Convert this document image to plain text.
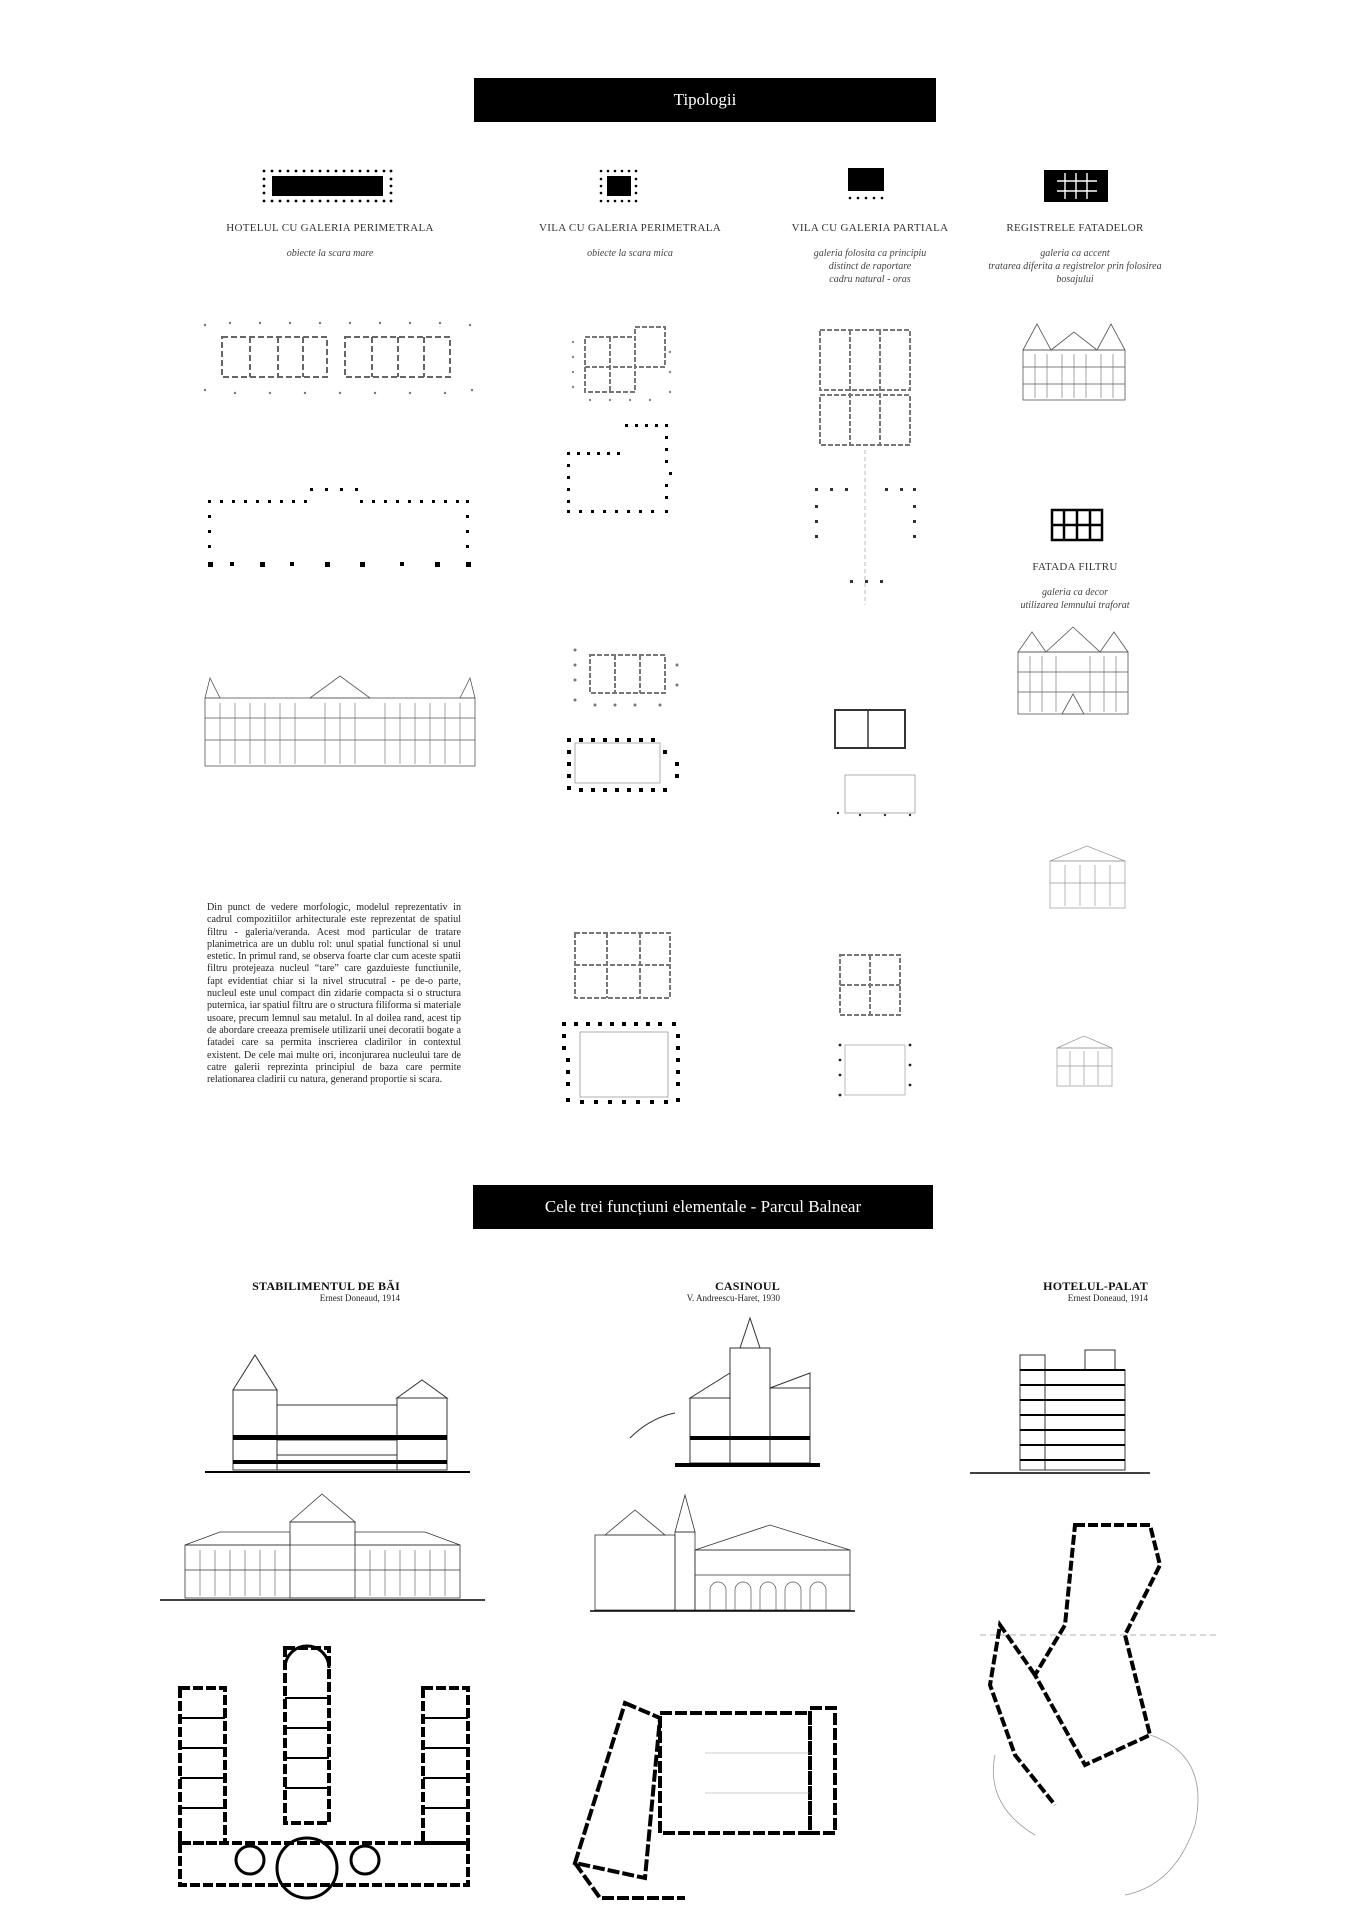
Tipologii
HOTELUL CU GALERIA PERIMETRALA
obiecte la scara mare
VILA CU GALERIA PERIMETRALA
obiecte la scara mica
VILA CU GALERIA PARTIALA
galeria folosita ca principiu
distinct de raportare
cadru natural - oras
REGISTRELE FATADELOR
galeria ca accent
tratarea diferita a registrelor prin folosirea
bosajului
Din punct de vedere morfologic, modelul reprezentativ in cadrul compozitiilor arhitecturale este reprezentat de spatiul filtru - galeria/veranda. Acest mod particular de tratare planimetrica are un dublu rol: unul spatial functional si unul estetic. In primul rand, se observa foarte clar cum aceste spatii filtru protejeaza nucleul “tare” care gazduieste functiunile, fapt evidentiat chiar si la nivel strucutral - pe de-o parte, nucleul este unul compact din zidarie compacta si o structura puternica, iar spatiul filtru are o structura filiforma si materiale usoare, precum lemnul sau metalul. In al doilea rand, acest tip de abordare creeaza premisele utilizarii unei decoratii bogate a fatadei care sa permita inscrierea cladirilor in contextul existent. De cele mai multe ori, inconjurarea nucleului tare de catre galerii reprezinta principiul de baza care permite relationarea cladirii cu natura, generand proportie si scara.
FATADA FILTRU
galeria ca decor
utilizarea lemnului traforat
Cele trei funcțiuni elementale - Parcul Balnear
STABILIMENTUL DE BĂI
Ernest Doneaud, 1914
CASINOUL
V. Andreescu-Haret, 1930
HOTELUL-PALAT
Ernest Doneaud, 1914
